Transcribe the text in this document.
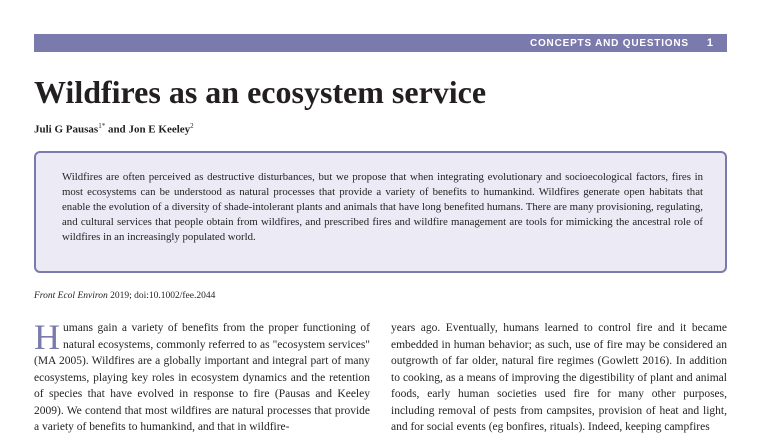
CONCEPTS AND QUESTIONS 1
Wildfires as an ecosystem service
Juli G Pausas$^{1*}$ and Jon E Keeley$^2$

Wildfires are often perceived as destructive disturbances, but we propose that when integrating evolutionary and socioecological factors, fires in most ecosystems can be understood as natural processes that provide a variety of benefits to humankind. Wildfires generate open habitats that enable the evolution of a diversity of shade-intolerant plants and animals that have long benefited humans. There are many provisioning, regulating, and cultural services that people obtain from wildfires, and prescribed fires and wildfire management are tools for mimicking the ancestral role of wildfires in an increasingly populated world.

Front Ecol Environ 2019; doi:10.1002/fee.2044

Humans gain a variety of benefits from the proper functioning of natural ecosystems, commonly referred to as "ecosystem services" (MA 2005). Wildfires are a globally important and integral part of many ecosystems, playing key roles in ecosystem dynamics and the retention of species that have evolved in response to fire (Pausas and Keeley 2009). We contend that most wildfires are natural processes that provide a variety of benefits to humankind, and that in wildfire-

years ago. Eventually, humans learned to control fire and it became embedded in human behavior; as such, use of fire may be considered an outgrowth of far older, natural fire regimes (Gowlett 2016). In addition to cooking, as a means of improving the digestibility of plant and animal foods, early human societies used fire for many other purposes, including removal of pests from campsites, provision of heat and light, and for social events (eg bonfires, rituals). Indeed, keeping campfires
